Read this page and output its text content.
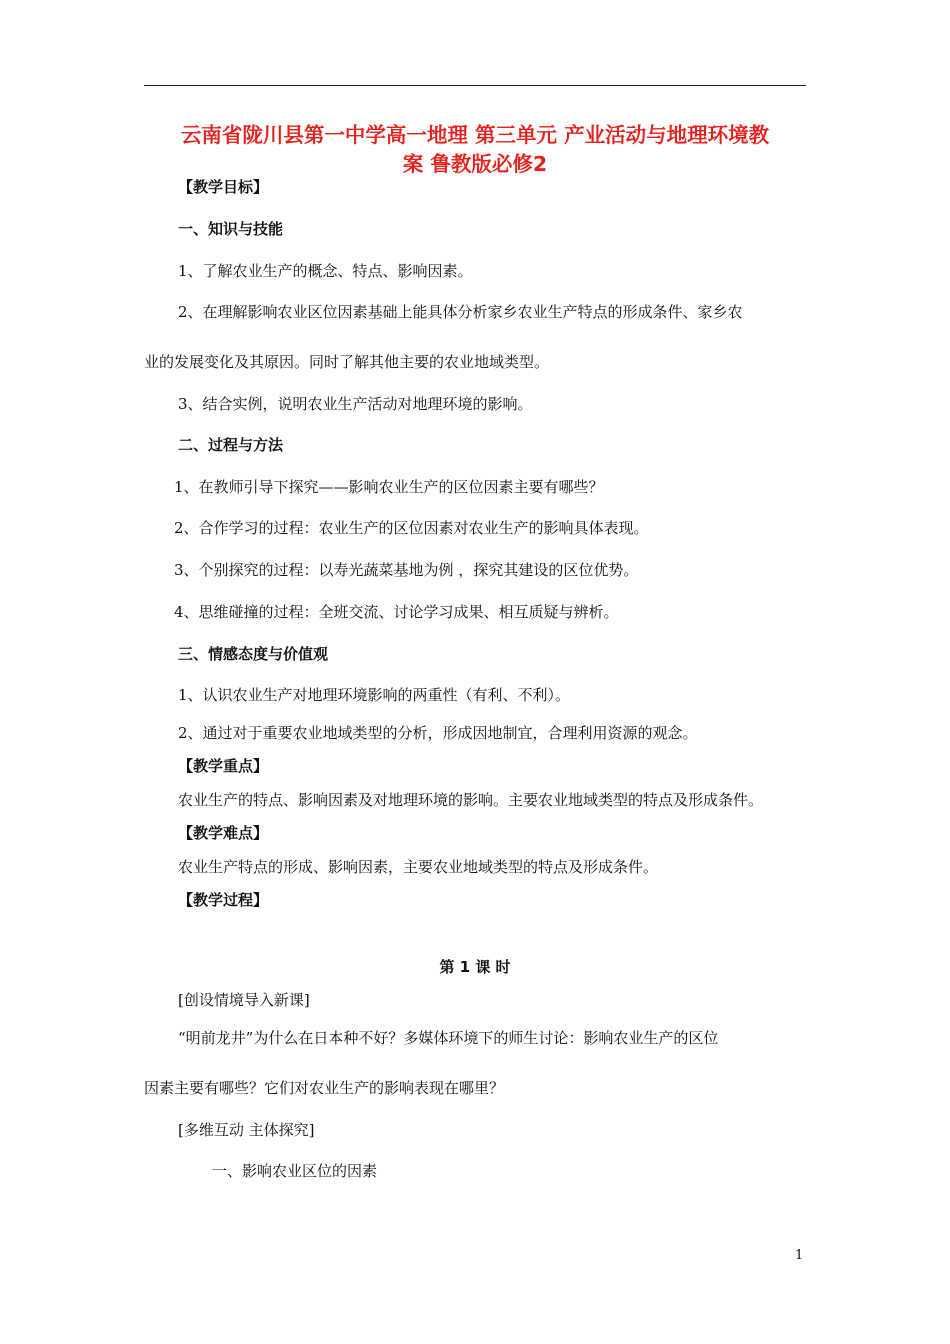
云南省陇川县第一中学高一地理 第三单元 产业活动与地理环境教
案 鲁教版必修2
【教学目标】
一、知识与技能
1、了解农业生产的概念、特点、影响因素。
2、在理解影响农业区位因素基础上能具体分析家乡农业生产特点的形成条件、家乡农
业的发展变化及其原因。同时了解其他主要的农业地域类型。
3、结合实例，说明农业生产活动对地理环境的影响。
二、过程与方法
1、在教师引导下探究——影响农业生产的区位因素主要有哪些？
2、合作学习的过程：农业生产的区位因素对农业生产的影响具体表现。
3、个别探究的过程：以寿光蔬菜基地为例 ，探究其建设的区位优势。
4、思维碰撞的过程：全班交流、讨论学习成果、相互质疑与辨析。
三、情感态度与价值观
1、认识农业生产对地理环境影响的两重性（有利、不利）。
2、通过对于重要农业地域类型的分析，形成因地制宜，合理利用资源的观念。
【教学重点】
农业生产的特点、影响因素及对地理环境的影响。主要农业地域类型的特点及形成条件。
【教学难点】
农业生产特点的形成、影响因素，主要农业地域类型的特点及形成条件。
【教学过程】
第 1 课 时
[创设情境导入新课]
“明前龙井”为什么在日本种不好？多媒体环境下的师生讨论：影响农业生产的区位
因素主要有哪些？它们对农业生产的影响表现在哪里？
[多维互动 主体探究]
一、影响农业区位的因素
1
